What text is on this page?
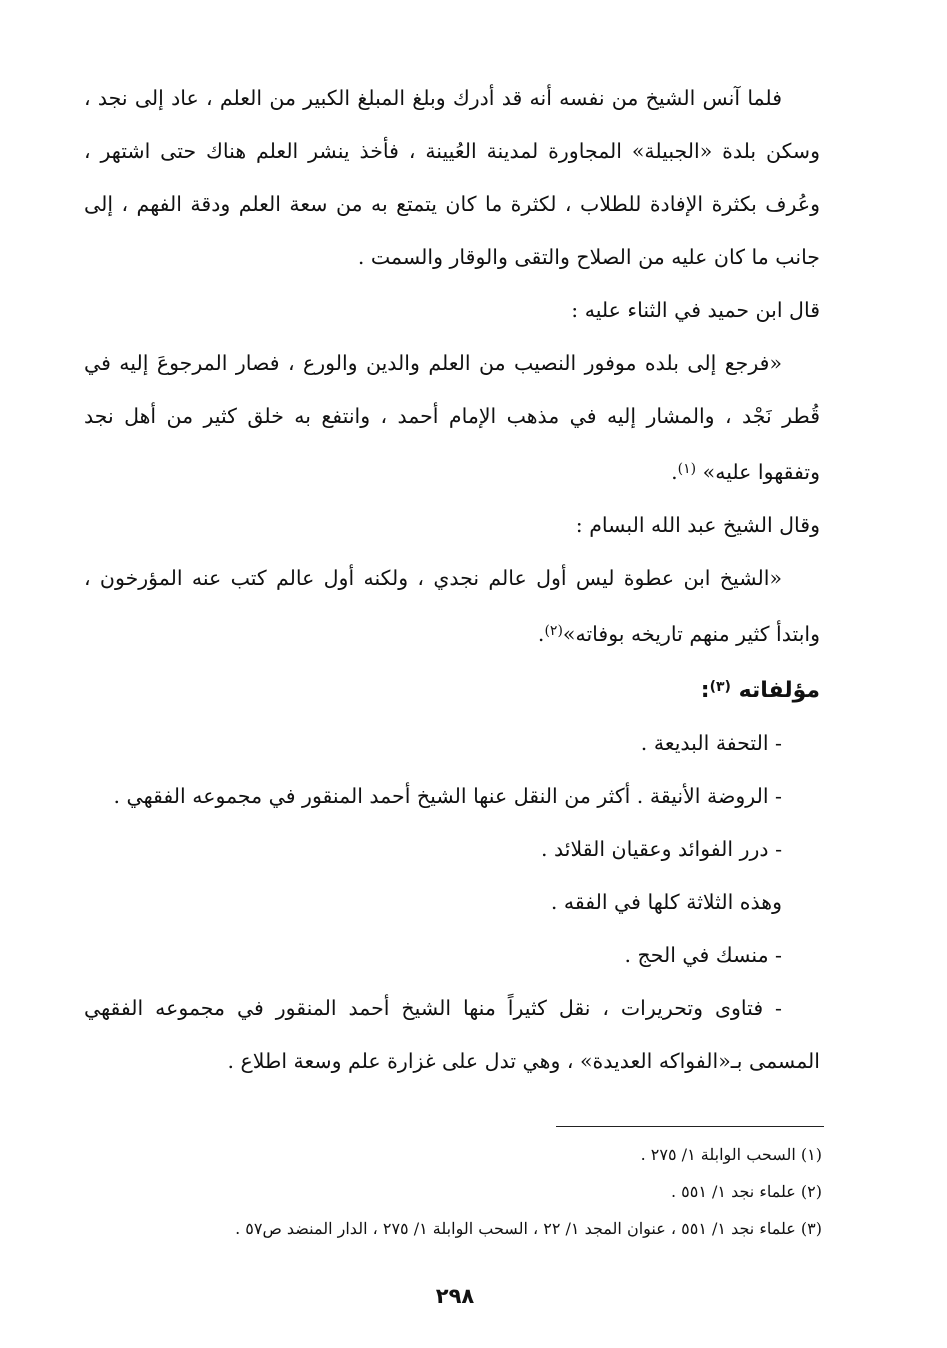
فلما آنس الشيخ من نفسه أنه قد أدرك وبلغ المبلغ الكبير من العلم ، عاد إلى نجد ، وسكن بلدة «الجبيلة» المجاورة لمدينة العُيينة ، فأخذ ينشر العلم هناك حتى اشتهر ، وعُرف بكثرة الإفادة للطلاب ، لكثرة ما كان يتمتع به من سعة العلم ودقة الفهم ، إلى جانب ما كان عليه من الصلاح والتقى والوقار والسمت .

قال ابن حميد في الثناء عليه :

«فرجع إلى بلده موفور النصيب من العلم والدين والورع ، فصار المرجوعَ إليه في قُطر نَجْد ، والمشار إليه في مذهب الإمام أحمد ، وانتفع به خلق كثير من أهل نجد وتفقهوا عليه» $^{(١)}$.

وقال الشيخ عبد الله البسام :

«الشيخ ابن عطوة ليس أول عالم نجدي ، ولكنه أول عالم كتب عنه المؤرخون ، وابتدأ كثير منهم تاريخه بوفاته»$^{(٢)}$.

مؤلفاته $^{(٣)}$:

- التحفة البديعة .

- الروضة الأنيقة . أكثر من النقل عنها الشيخ أحمد المنقور في مجموعه الفقهي .

- درر الفوائد وعقيان القلائد .

وهذه الثلاثة كلها في الفقه .

- منسك في الحج .

- فتاوى وتحريرات ، نقل كثيراً منها الشيخ أحمد المنقور في مجموعه الفقهي المسمى بـ«الفواكه العديدة» ، وهي تدل على غزارة علم وسعة اطلاع .

(١) السحب الوابلة ١/ ٢٧٥ .

(٢) علماء نجد ١/ ٥٥١ .

(٣) علماء نجد ١/ ٥٥١ ، عنوان المجد ١/ ٢٢ ، السحب الوابلة ١/ ٢٧٥ ، الدار المنضد ص٥٧ .

٢٩٨
